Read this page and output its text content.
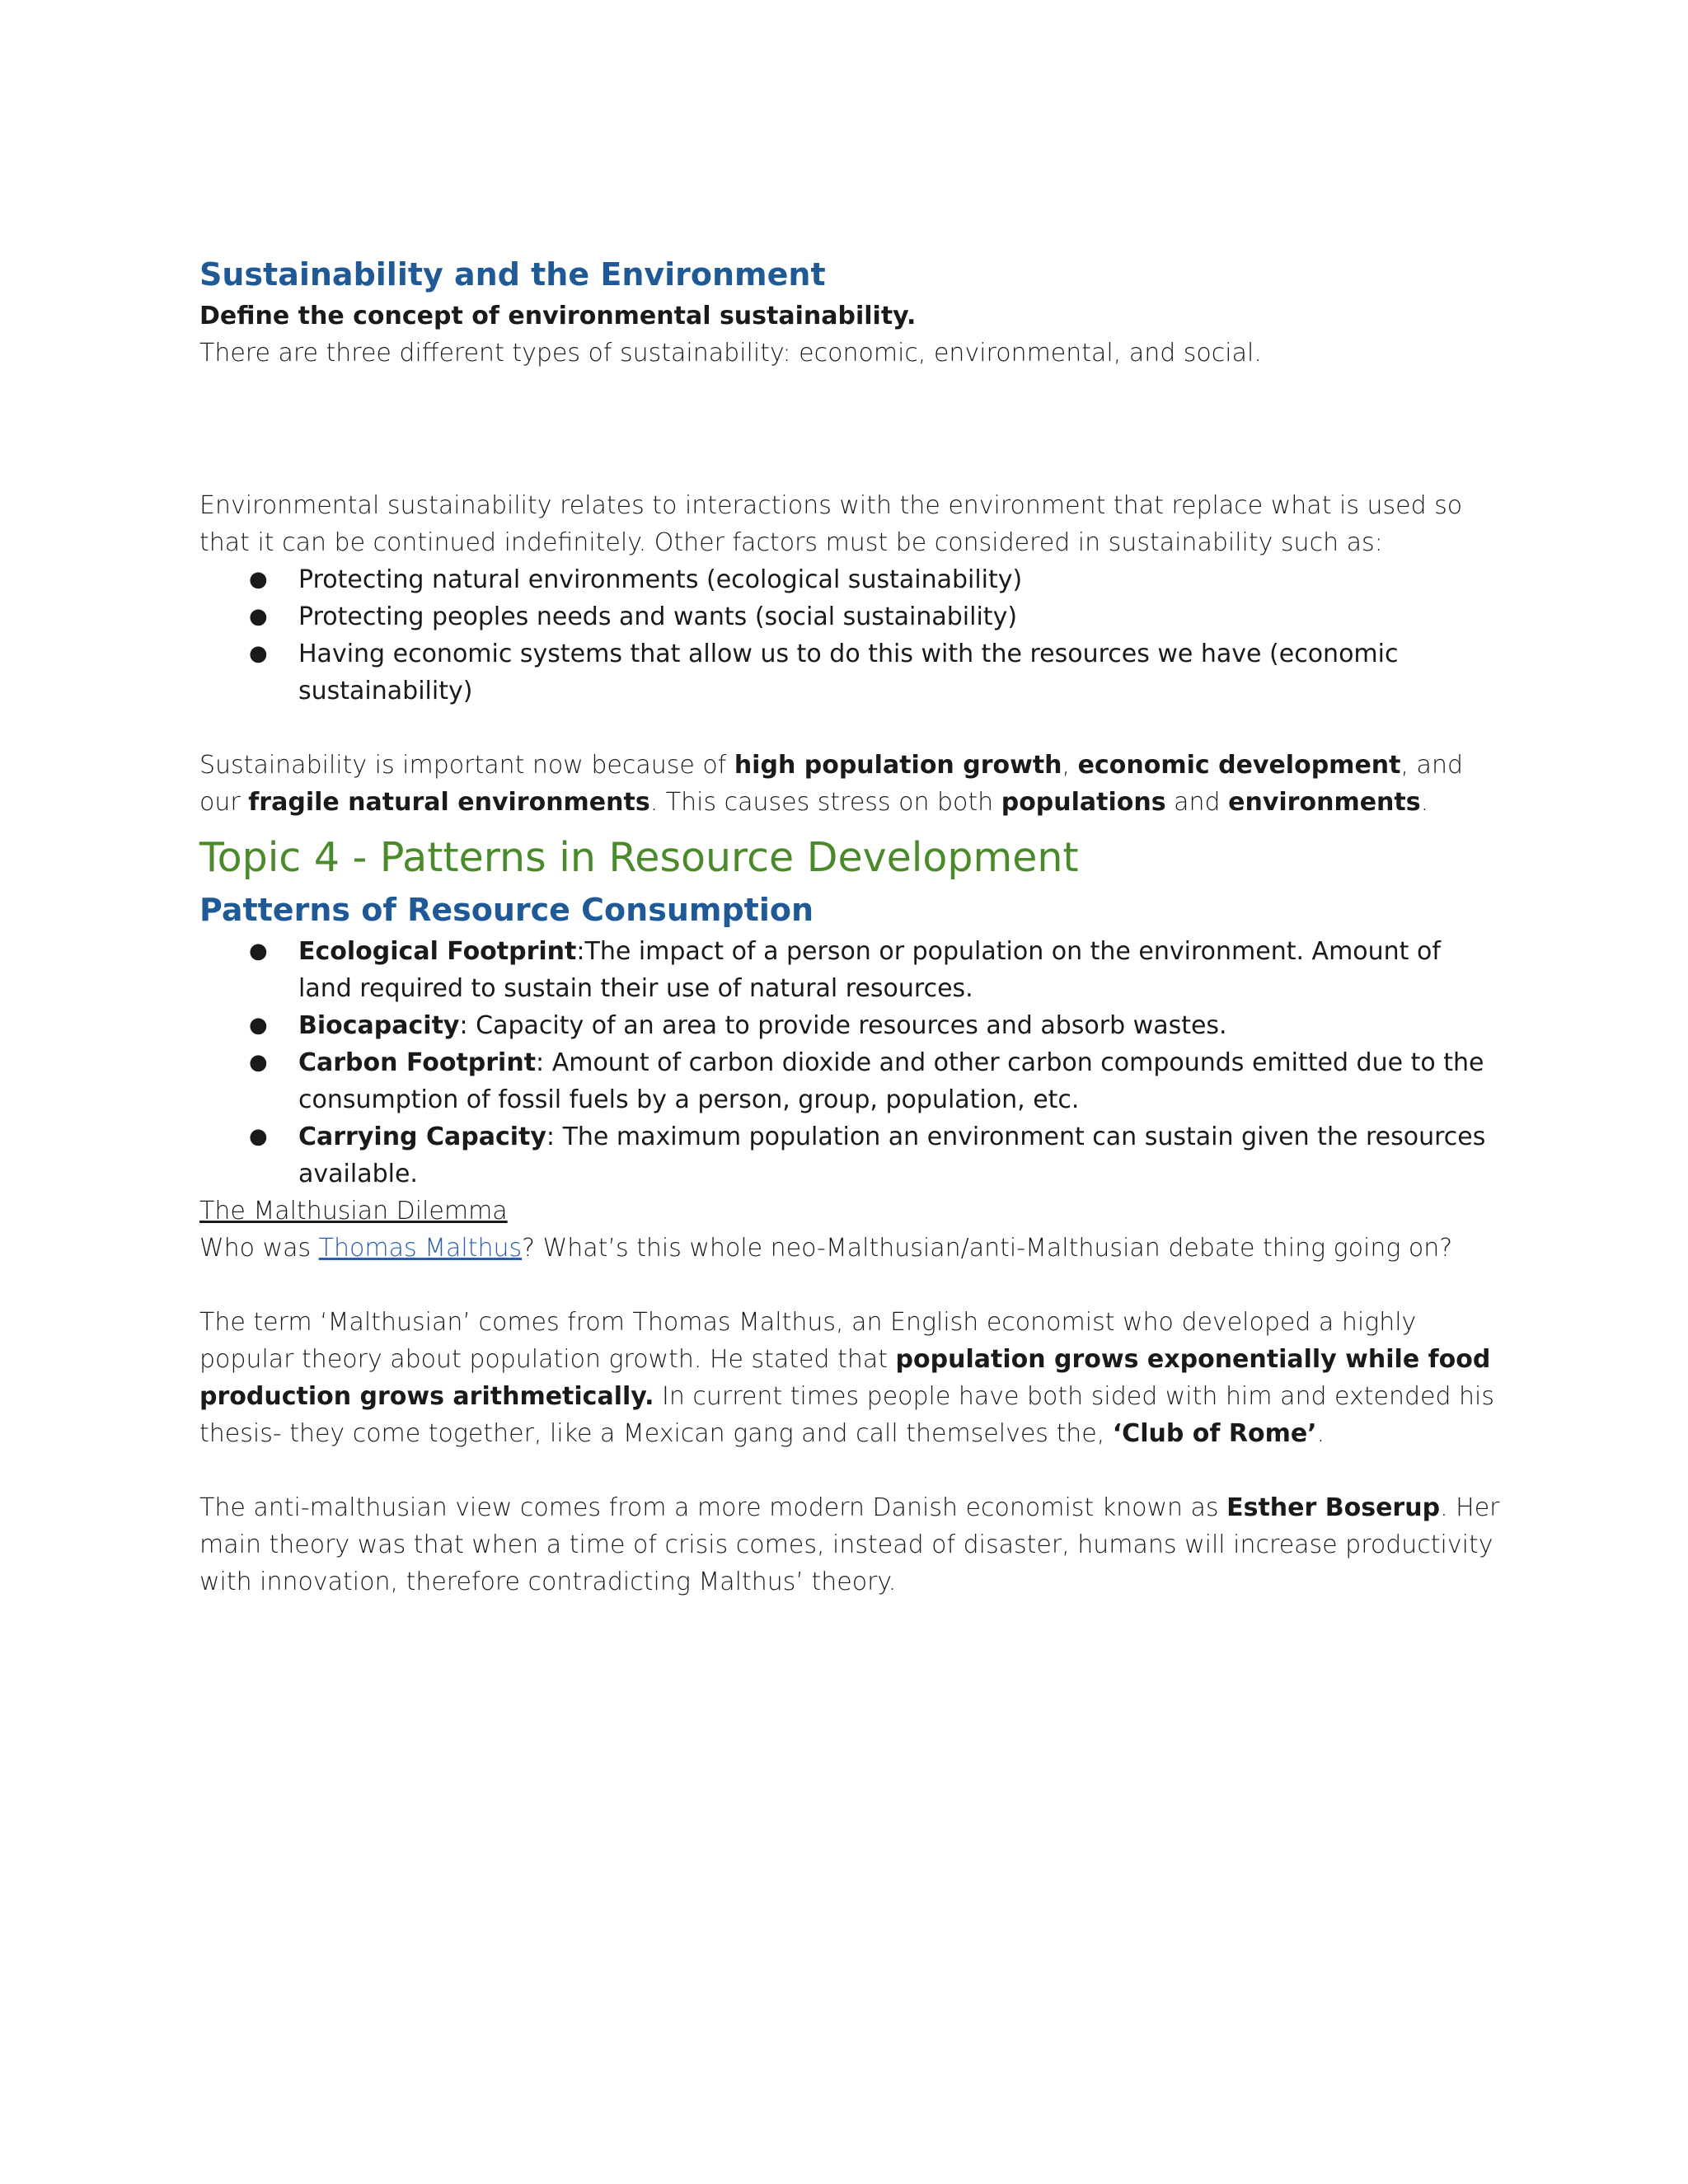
Sustainability and the Environment

Define the concept of environmental sustainability.

There are three different types of sustainability: economic, environmental, and social.

Environmental sustainability relates to interactions with the environment that replace what is used so that it can be continued indefinitely. Other factors must be considered in sustainability such as:

● Protecting natural environments (ecological sustainability)
● Protecting peoples needs and wants (social sustainability)
● Having economic systems that allow us to do this with the resources we have (economic sustainability)

Sustainability is important now because of high population growth, economic development, and our fragile natural environments. This causes stress on both populations and environments.

Topic 4 - Patterns in Resource Development
Patterns of Resource Consumption
● Ecological Footprint:The impact of a person or population on the environment. Amount of land required to sustain their use of natural resources.
● Biocapacity: Capacity of an area to provide resources and absorb wastes.
● Carbon Footprint: Amount of carbon dioxide and other carbon compounds emitted due to the consumption of fossil fuels by a person, group, population, etc.
● Carrying Capacity: The maximum population an environment can sustain given the resources available.

The Malthusian Dilemma

Who was Thomas Malthus? What’s this whole neo-Malthusian/anti-Malthusian debate thing going on?

The term ‘Malthusian’ comes from Thomas Malthus, an English economist who developed a highly popular theory about population growth. He stated that population grows exponentially while food production grows arithmetically. In current times people have both sided with him and extended his thesis- they come together, like a Mexican gang and call themselves the, ‘Club of Rome’.

The anti-malthusian view comes from a more modern Danish economist known as Esther Boserup. Her main theory was that when a time of crisis comes, instead of disaster, humans will increase productivity with innovation, therefore contradicting Malthus’ theory.
